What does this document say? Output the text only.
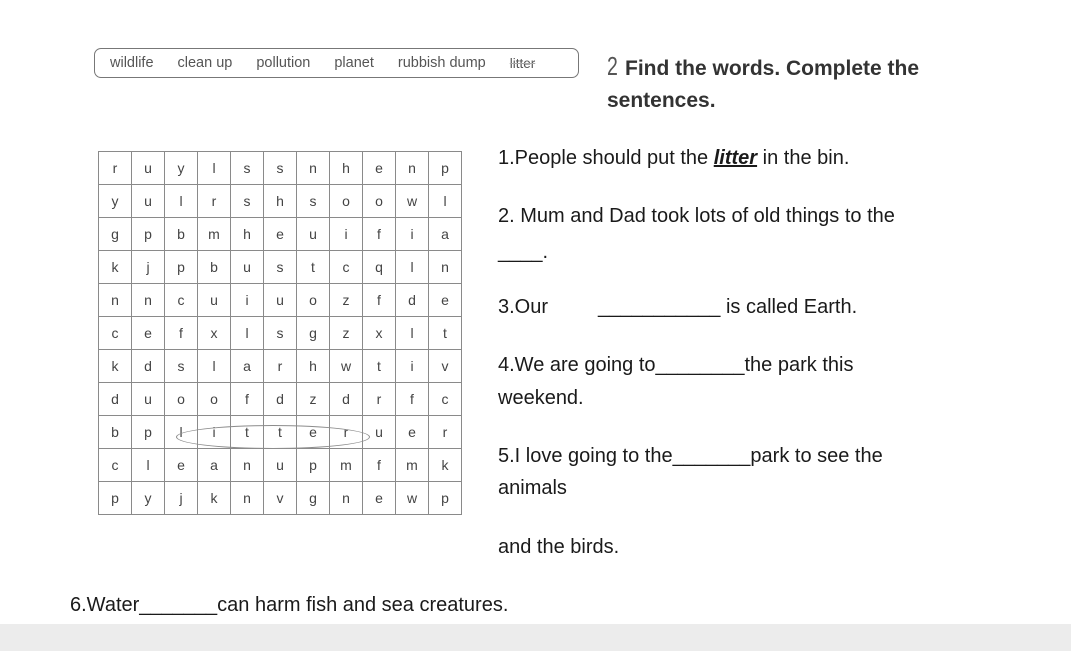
wildlife clean up pollution planet rubbish dump litter	2 Find the words. Complete the sentences.
r	u	y	l	s	s	n	h	e	n	p
y	u	l	r	s	h	s	o	o	w	l
g	p	b	m	h	e	u	i	f	i	a
k	j	p	b	u	s	t	c	q	l	n
n	n	c	u	i	u	o	z	f	d	e
c	e	f	x	l	s	g	z	x	l	t
k	d	s	l	a	r	h	w	t	i	v
d	u	o	o	f	d	z	d	r	f	c
b	p	l	i	t	t	e	r	u	e	r
c	l	e	a	n	u	p	m	f	m	k
p	y	j	k	n	v	g	n	e	w	p
1.People should put the litter in the bin.
2. Mum and Dad took lots of old things to the
____.
3.Our	___________ is called Earth.
4.We are going to________the park this
weekend.
5.I love going to the_______park to see the
animals
and the birds.
6.Water_______can harm fish and sea creatures.
